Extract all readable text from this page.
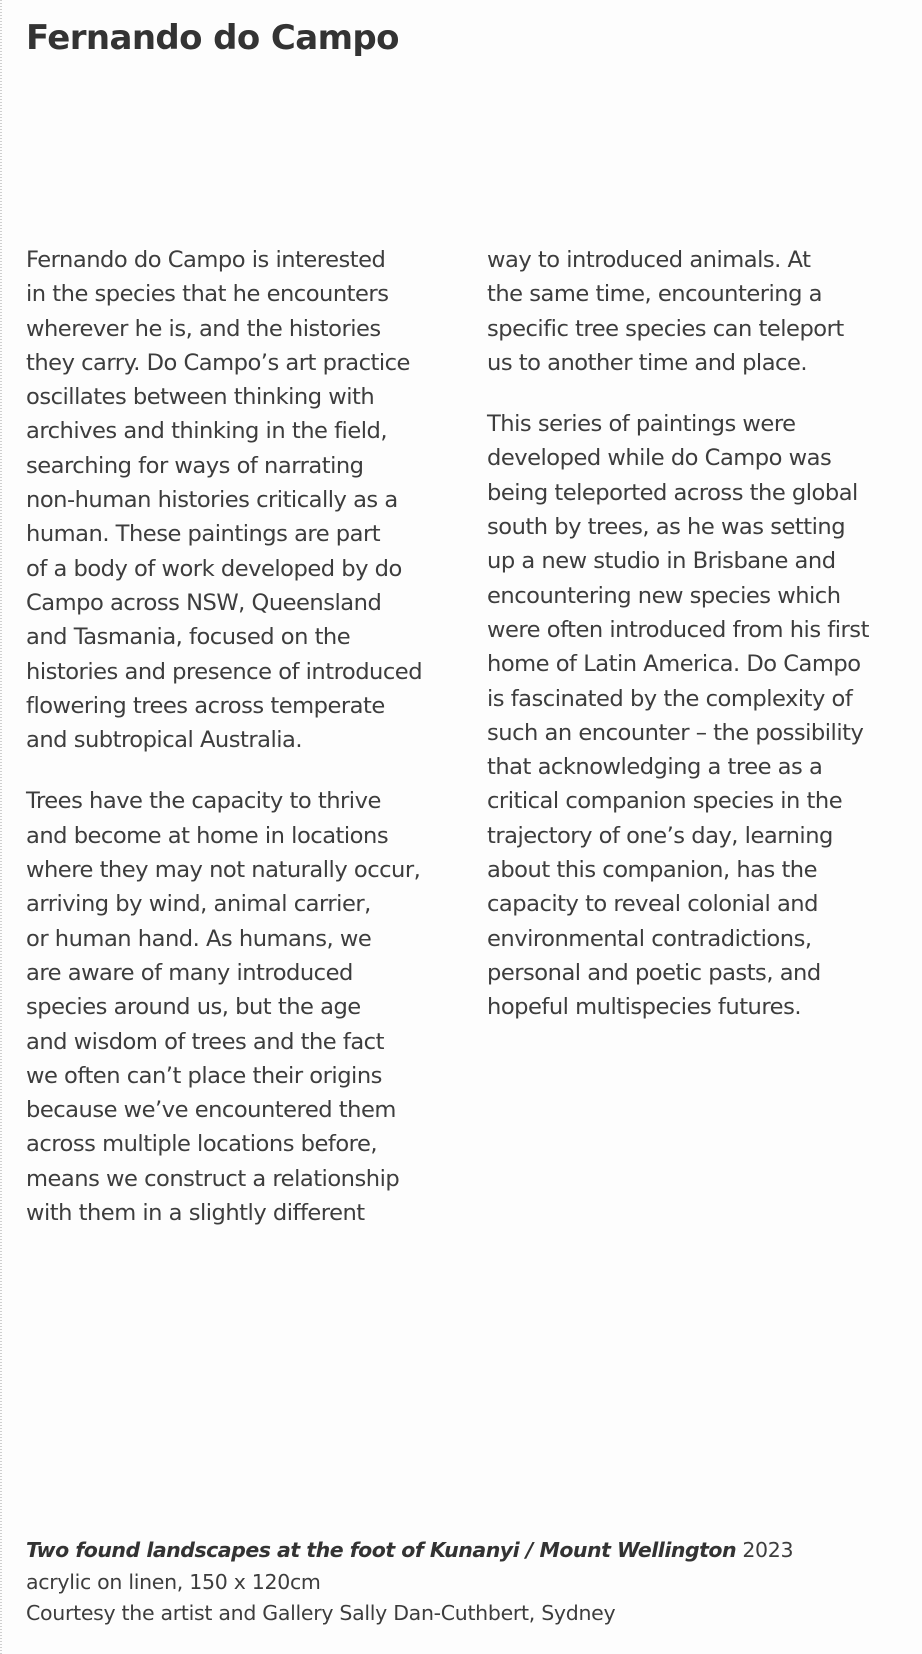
Fernando do Campo

Fernando do Campo is interested
in the species that he encounters
wherever he is, and the histories
they carry. Do Campo’s art practice
oscillates between thinking with
archives and thinking in the field,
searching for ways of narrating
non-human histories critically as a
human. These paintings are part
of a body of work developed by do
Campo across NSW, Queensland
and Tasmania, focused on the
histories and presence of introduced
flowering trees across temperate
and subtropical Australia.

Trees have the capacity to thrive
and become at home in locations
where they may not naturally occur,
arriving by wind, animal carrier,
or human hand. As humans, we
are aware of many introduced
species around us, but the age
and wisdom of trees and the fact
we often can’t place their origins
because we’ve encountered them
across multiple locations before,
means we construct a relationship
with them in a slightly different

way to introduced animals. At
the same time, encountering a
specific tree species can teleport
us to another time and place.

This series of paintings were
developed while do Campo was
being teleported across the global
south by trees, as he was setting
up a new studio in Brisbane and
encountering new species which
were often introduced from his first
home of Latin America. Do Campo
is fascinated by the complexity of
such an encounter – the possibility
that acknowledging a tree as a
critical companion species in the
trajectory of one’s day, learning
about this companion, has the
capacity to reveal colonial and
environmental contradictions,
personal and poetic pasts, and
hopeful multispecies futures.

Two found landscapes at the foot of Kunanyi / Mount Wellington 2023
acrylic on linen, 150 x 120cm
Courtesy the artist and Gallery Sally Dan-Cuthbert, Sydney
